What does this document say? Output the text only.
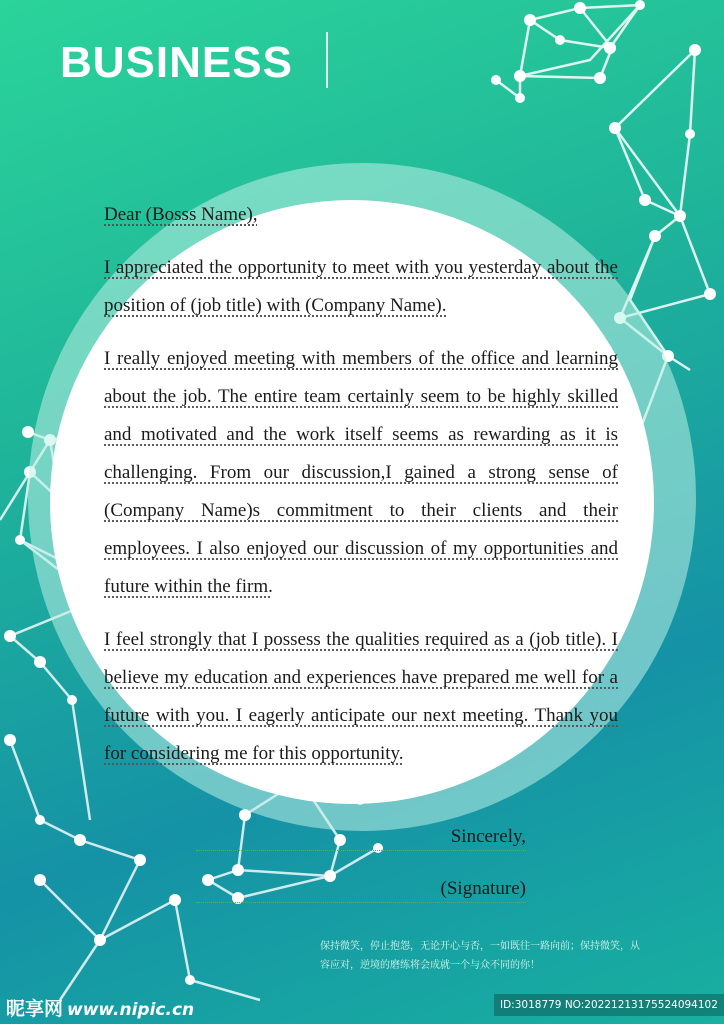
BUSINESS

Dear (Bosss Name),

I appreciated the opportunity to meet with you yesterday about the position of (job title) with (Company Name).

I really enjoyed meeting with members of the office and learning about the job. The entire team certainly seem to be highly skilled and motivated and the work itself seems as rewarding as it is challenging. From our discussion,I gained a strong sense of (Company Name)s commitment to their clients and their employees. I also enjoyed our discussion of my opportunities and future within the firm.

I feel strongly that I possess the qualities required as a (job title). I believe my education and experiences have prepared me well for a future with you. I eagerly anticipate our next meeting. Thank you for considering me for this opportunity.

Sincerely,
(Signature)
保持微笑，停止抱怨，无论开心与否，一如既往一路向前；保持微笑，从容应对，逆境的磨练将会成就一个与众不同的你！
昵享网 www.nipic.cn	ID:3018779 NO:20221213175524094102
